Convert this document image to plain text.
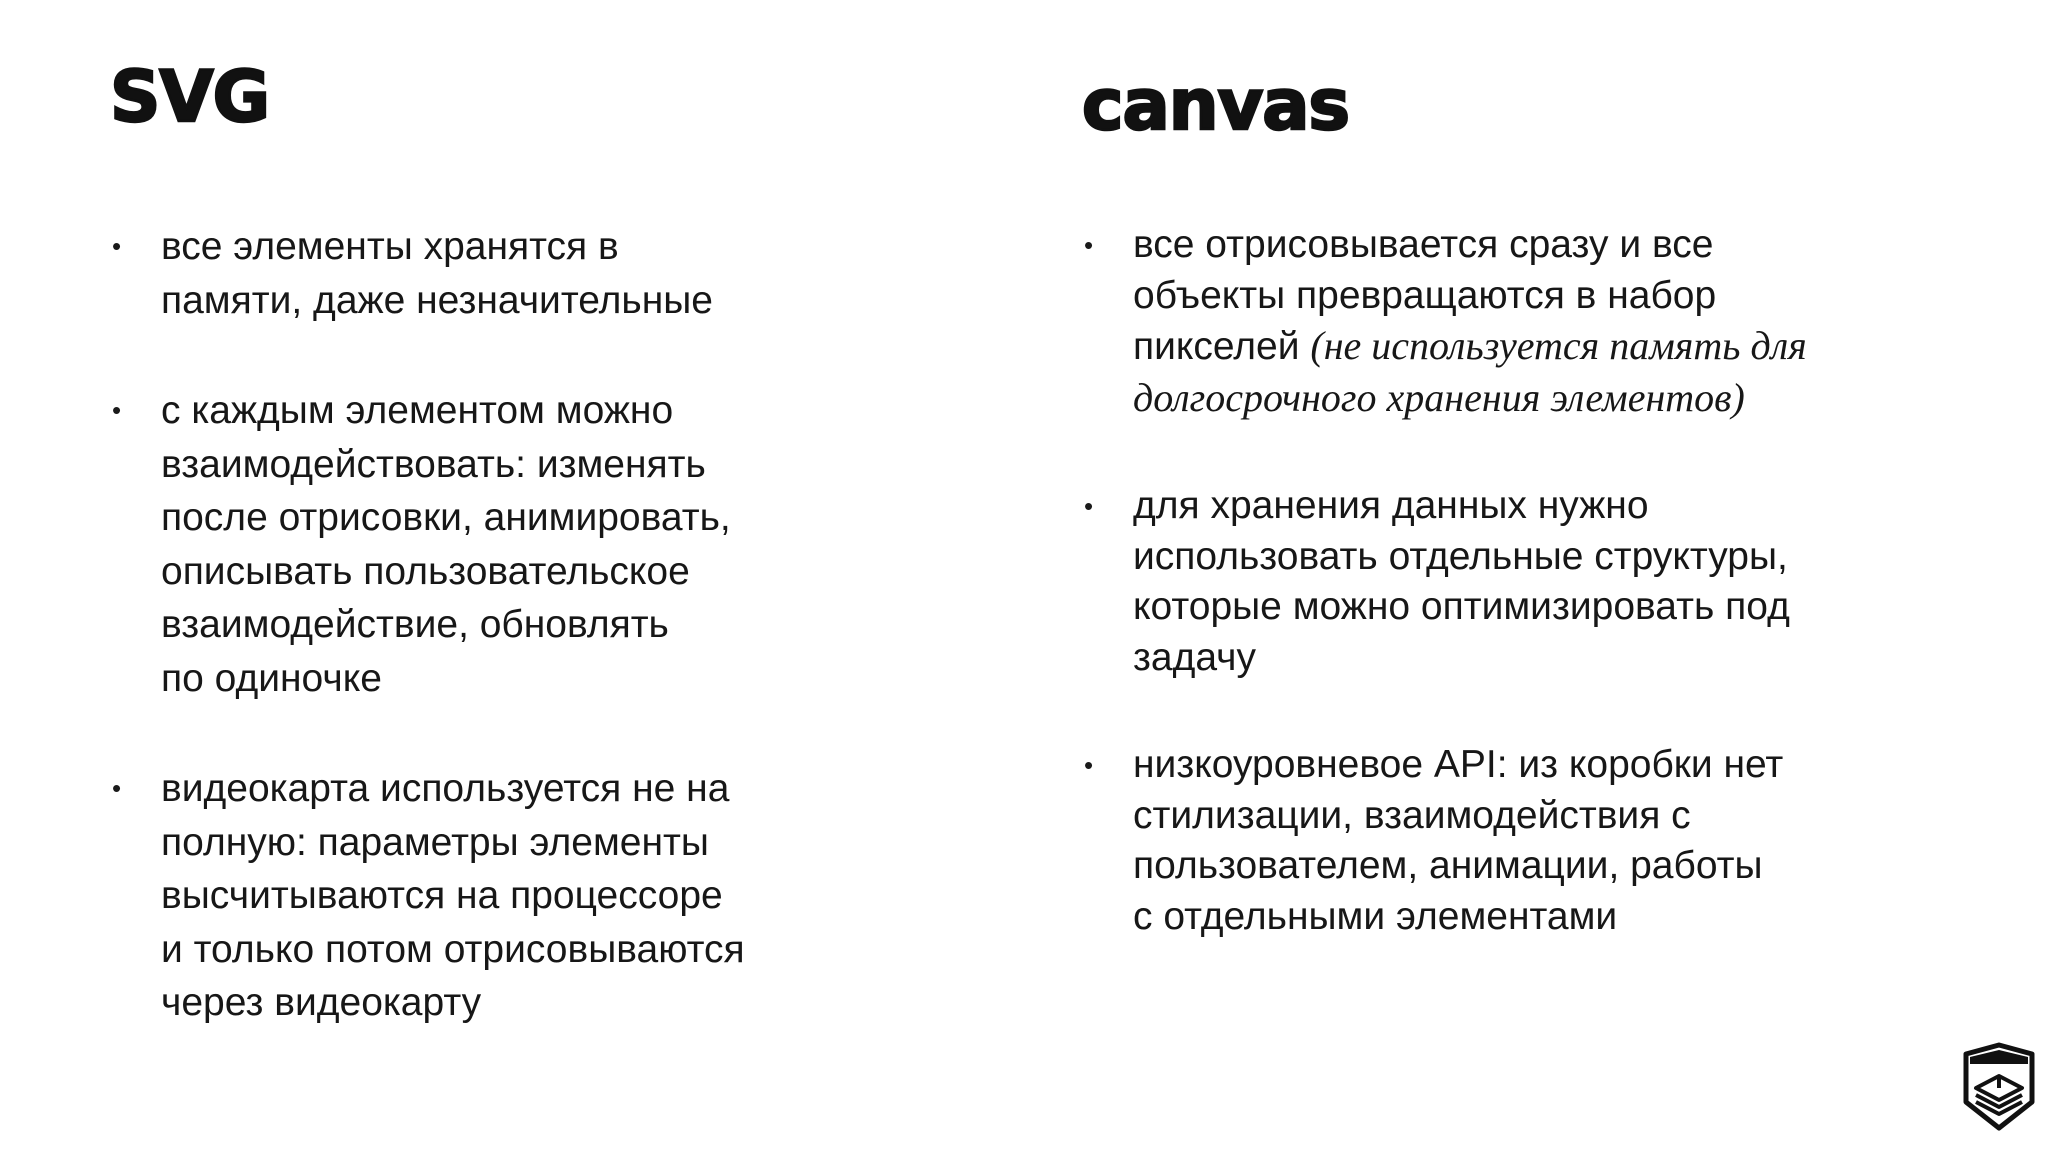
SVG
• все элементы хранятся в
памяти, даже незначительные
• с каждым элементом можно
взаимодействовать: изменять
после отрисовки, анимировать,
описывать пользовательское
взаимодействие, обновлять
по одиночке
• видеокарта используется не на
полную: параметры элементы
высчитываются на процессоре
и только потом отрисовываются
через видеокарту
canvas
• все отрисовывается сразу и все
объекты превращаются в набор
пикселей (не используется память для
долгосрочного хранения элементов)
• для хранения данных нужно
использовать отдельные структуры,
которые можно оптимизировать под
задачу
• низкоуровневое API: из коробки нет
стилизации, взаимодействия с
пользователем, анимации, работы
с отдельными элементами
